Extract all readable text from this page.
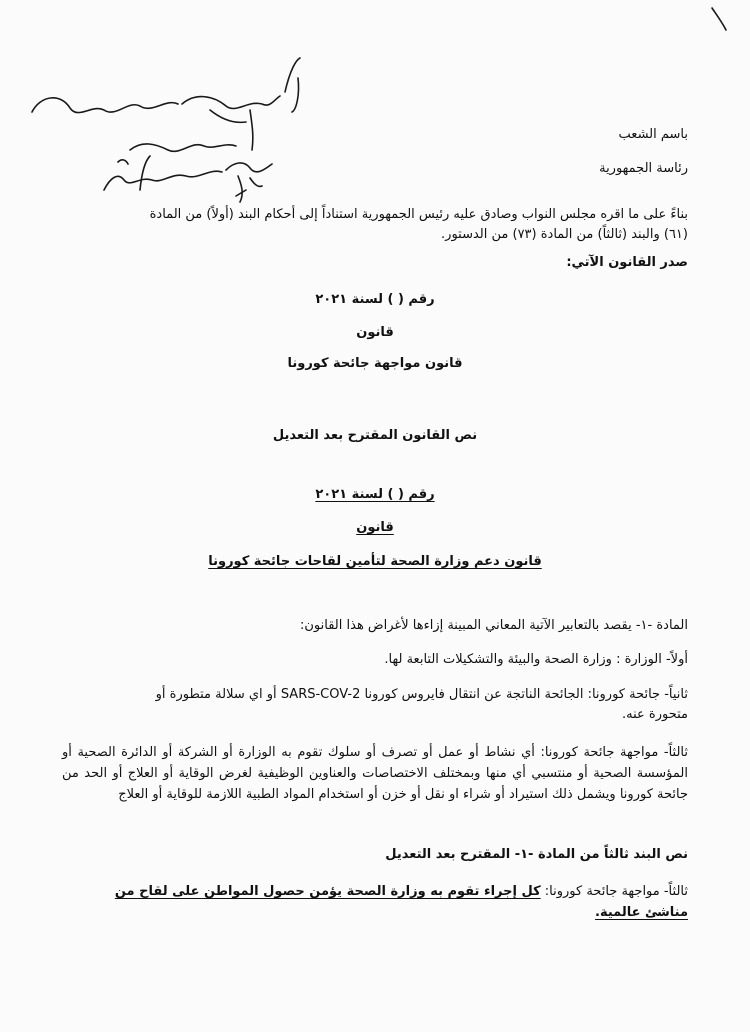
باسم الشعب
رئاسة الجمهورية
بناءً على ما اقره مجلس النواب وصادق عليه رئيس الجمهورية استناداً إلى أحكام البند (أولاً) من المادة
(٦١) والبند (ثالثاً) من المادة (٧٣) من الدستور.
صدر القانون الآتي:
رقم ( ) لسنة ٢٠٢١
قانون
قانون مواجهة جائحة كورونا
نص القانون المقترح بعد التعديل
رقم ( ) لسنة ٢٠٢١
قانون
قانون دعم وزارة الصحة لتأمين لقاحات جائحة كورونا
المادة -١- يقصد بالتعابير الآتية المعاني المبينة إزاءها لأغراض هذا القانون:
أولاً- الوزارة : وزارة الصحة والبيئة والتشكيلات التابعة لها.
ثانياً- جائحة كورونا: الجائحة الناتجة عن انتقال فايروس كورونا SARS-COV-2 أو اي سلالة متطورة أو
متحورة عنه.
ثالثاً- مواجهة جائحة كورونا: أي نشاط أو عمل أو تصرف أو سلوك تقوم به الوزارة أو الشركة أو الدائرة الصحية أو المؤسسة الصحية أو منتسبي أي منها وبمختلف الاختصاصات والعناوين الوظيفية لغرض الوقاية أو العلاج أو الحد من جائحة كورونا ويشمل ذلك استيراد أو شراء او نقل أو خزن أو استخدام المواد الطبية اللازمة للوقاية أو العلاج
نص البند ثالثاً من المادة -١- المقترح بعد التعديل
ثالثاً- مواجهة جائحة كورونا: كل إجراء تقوم به وزارة الصحة يؤمن حصول المواطن على لقاح من
مناشئ عالمية.
